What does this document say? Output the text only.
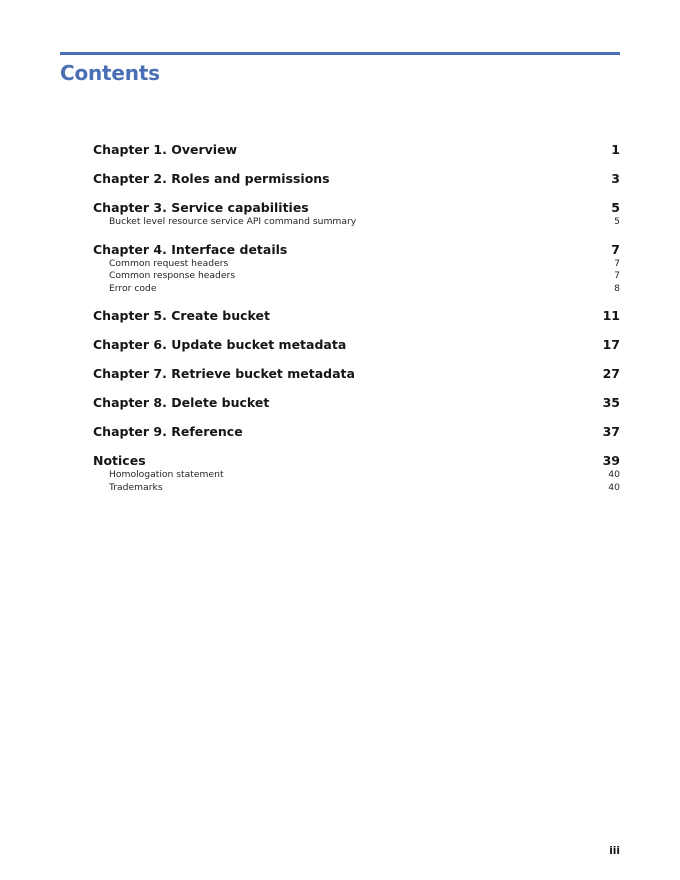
Contents
Chapter 1. Overview	1
Chapter 2. Roles and permissions	3
Chapter 3. Service capabilities	5
Bucket level resource service API command summary	5
Chapter 4. Interface details	7
Common request headers	7
Common response headers	7
Error code	8
Chapter 5. Create bucket	11
Chapter 6. Update bucket metadata	17
Chapter 7. Retrieve bucket metadata	27
Chapter 8. Delete bucket	35
Chapter 9. Reference	37
Notices	39
Homologation statement	40
Trademarks	40
iii
